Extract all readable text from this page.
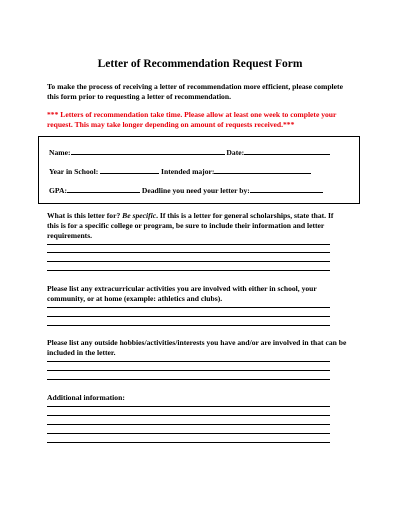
Letter of Recommendation Request Form
To make the process of receiving a letter of recommendation more efficient, please complete this form prior to requesting a letter of recommendation.
*** Letters of recommendation take time. Please allow at least one week to complete your request. This may take longer depending on amount of requests received.***
Name:	Date:
Year in School:	Intended major:
GPA:	Deadline you need your letter by:
What is this letter for? Be specific. If this is a letter for general scholarships, state that. If this is for a specific college or program, be sure to include their information and letter requirements.
Please list any extracurricular activities you are involved with either in school, your community, or at home (example: athletics and clubs).
Please list any outside hobbies/activities/interests you have and/or are involved in that can be included in the letter.
Additional information:
